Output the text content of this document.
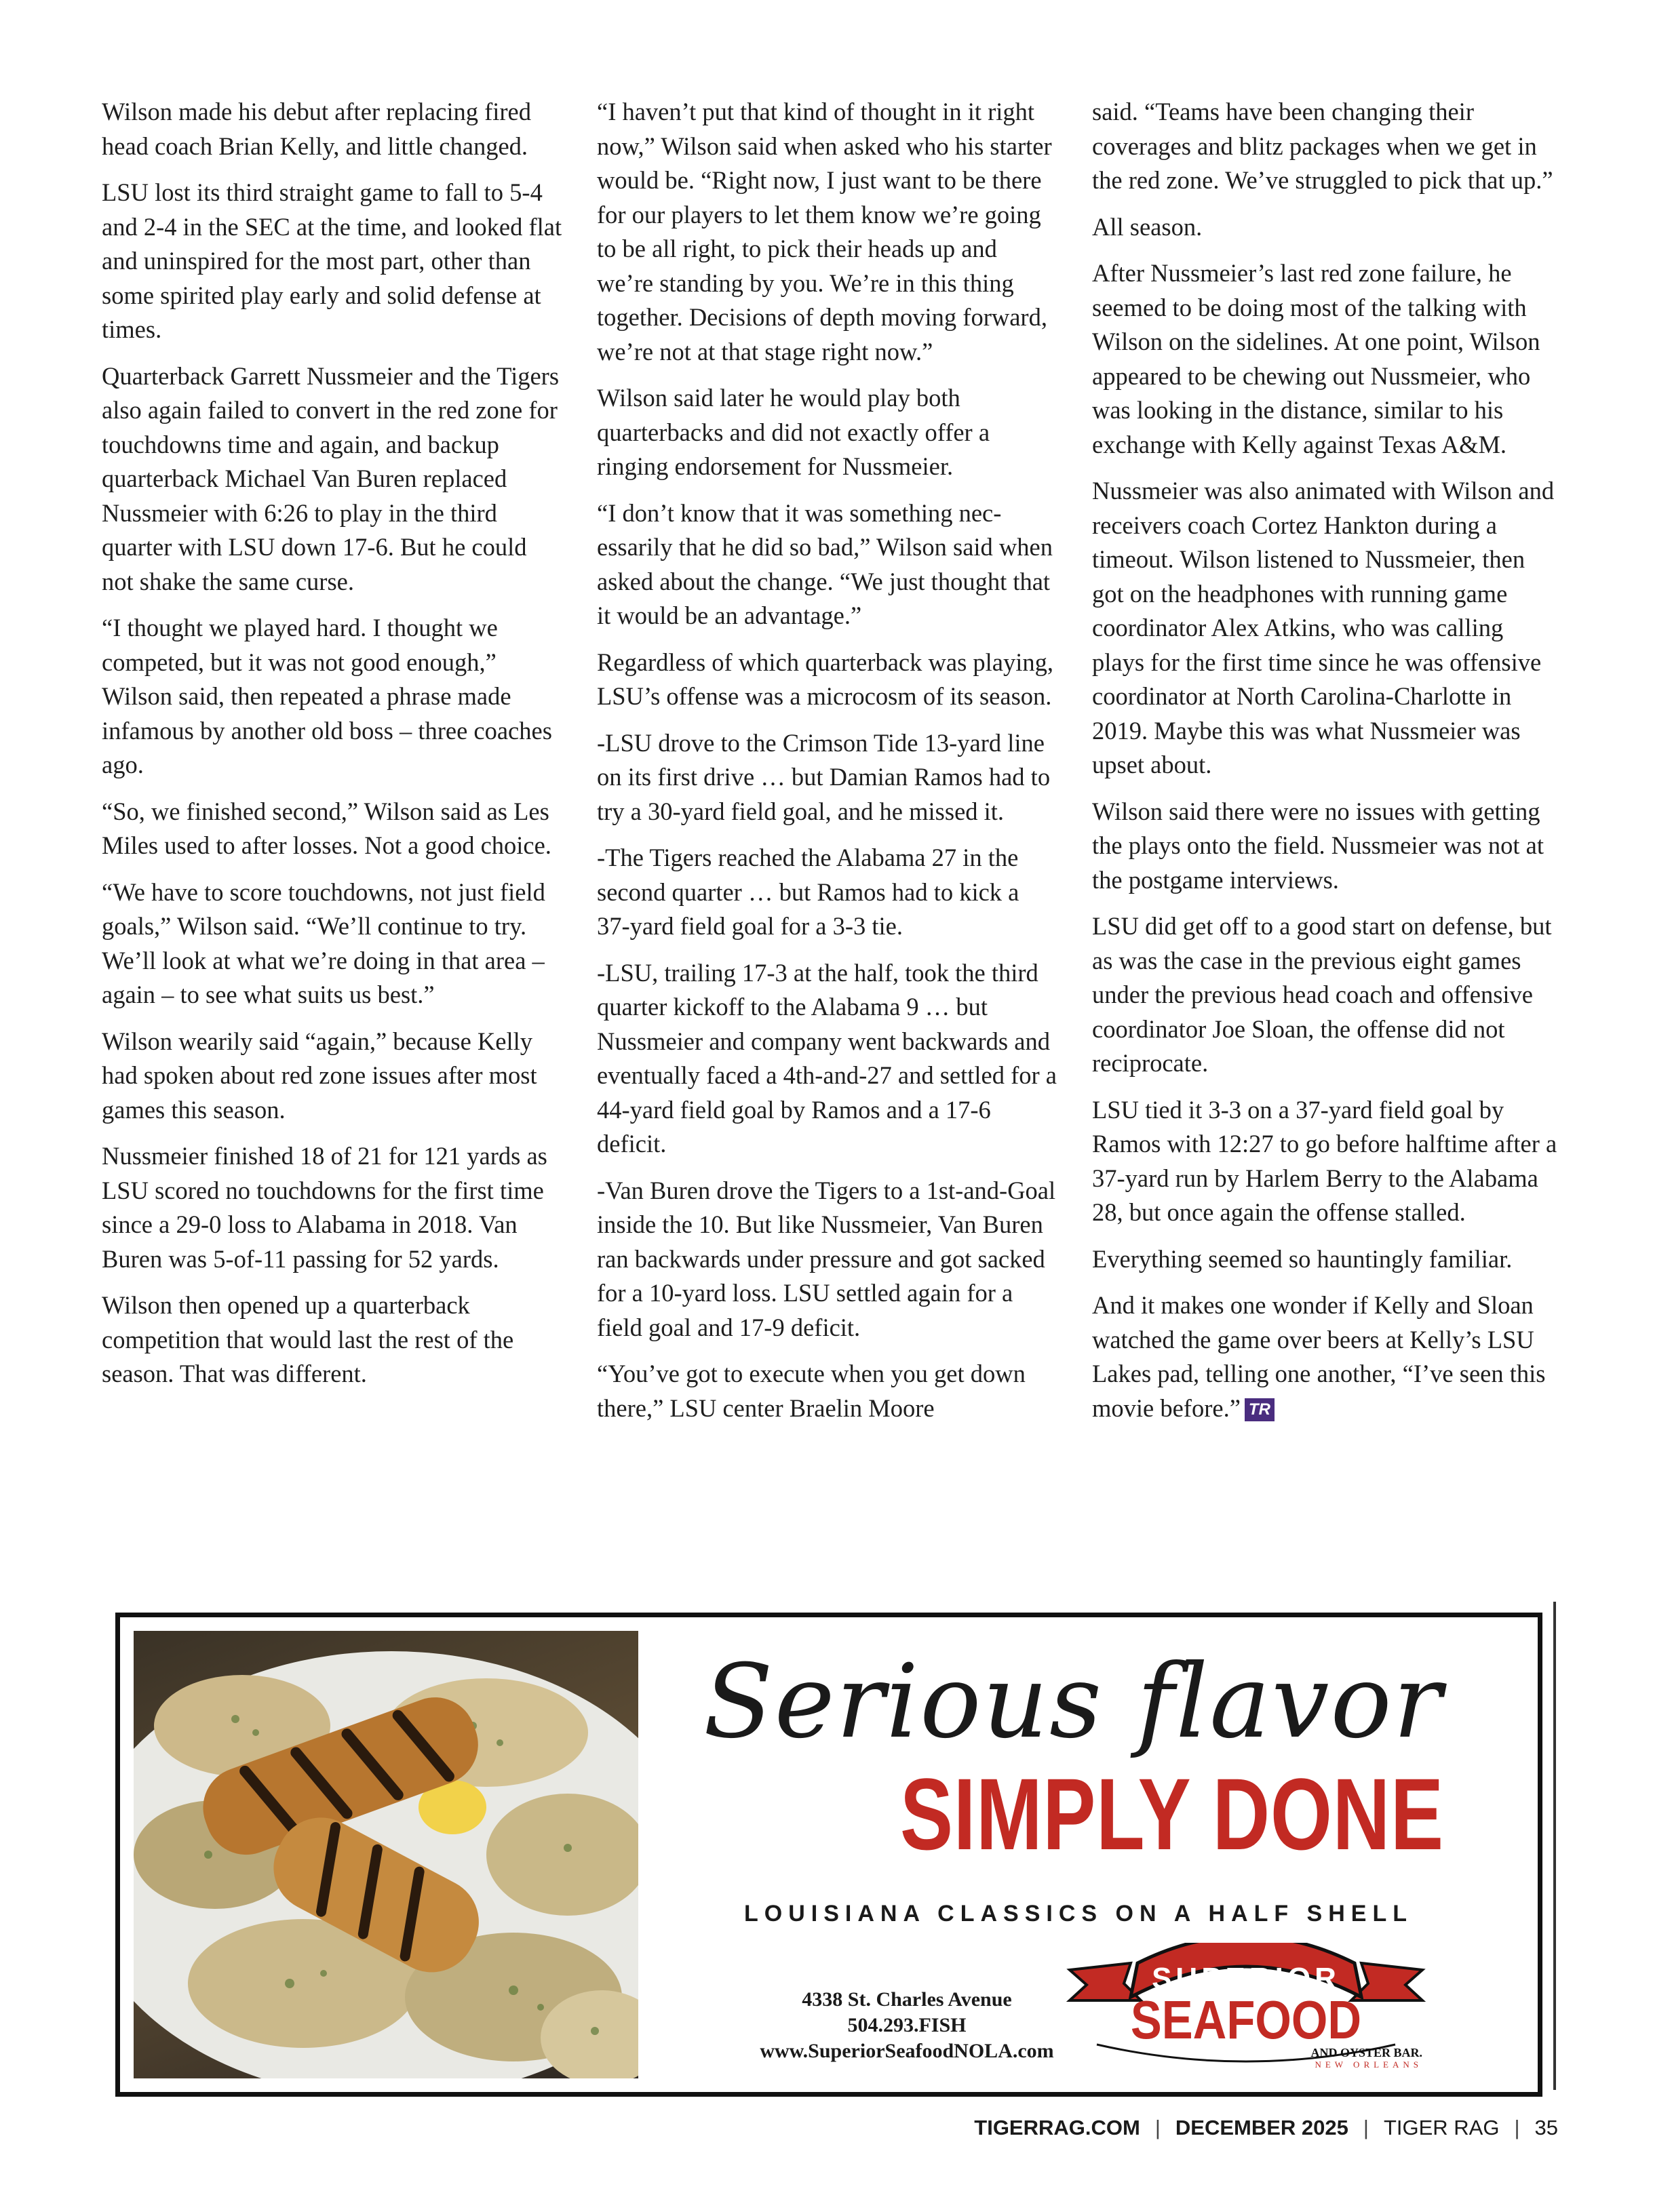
Wilson made his debut after replacing fired head coach Brian Kelly, and little changed.

LSU lost its third straight game to fall to 5-4 and 2-4 in the SEC at the time, and looked flat and uninspired for the most part, other than some spirited play early and solid defense at times.

Quarterback Garrett Nussmeier and the Tigers also again failed to convert in the red zone for touchdowns time and again, and backup quarterback Michael Van Buren replaced Nussmeier with 6:26 to play in the third quarter with LSU down 17-6. But he could not shake the same curse.

“I thought we played hard. I thought we competed, but it was not good enough,” Wilson said, then repeated a phrase made infamous by another old boss – three coaches ago.

“So, we finished second,” Wilson said as Les Miles used to after losses. Not a good choice.

“We have to score touchdowns, not just field goals,” Wilson said. “We’ll continue to try. We’ll look at what we’re doing in that area – again – to see what suits us best.”

Wilson wearily said “again,” because Kelly had spoken about red zone issues after most games this season.

Nussmeier finished 18 of 21 for 121 yards as LSU scored no touchdowns for the first time since a 29-0 loss to Alabama in 2018. Van Buren was 5-of-11 passing for 52 yards.

Wilson then opened up a quarterback competition that would last the rest of the season. That was different.

“I haven’t put that kind of thought in it right now,” Wilson said when asked who his starter would be. “Right now, I just want to be there for our players to let them know we’re going to be all right, to pick their heads up and we’re standing by you. We’re in this thing together. Decisions of depth moving forward, we’re not at that stage right now.”

Wilson said later he would play both quarterbacks and did not exactly offer a ringing endorsement for Nussmeier.

“I don’t know that it was something necessarily that he did so bad,” Wilson said when asked about the change. “We just thought that it would be an advantage.”

Regardless of which quarterback was playing, LSU’s offense was a microcosm of its season.

-LSU drove to the Crimson Tide 13-yard line on its first drive … but Damian Ramos had to try a 30-yard field goal, and he missed it.

-The Tigers reached the Alabama 27 in the second quarter … but Ramos had to kick a 37-yard field goal for a 3-3 tie.

-LSU, trailing 17-3 at the half, took the third quarter kickoff to the Alabama 9 … but Nussmeier and company went backwards and eventually faced a 4th-and-27 and settled for a 44-yard field goal by Ramos and a 17-6 deficit.

-Van Buren drove the Tigers to a 1st-and-Goal inside the 10. But like Nussmeier, Van Buren ran backwards under pressure and got sacked for a 10-yard loss. LSU settled again for a field goal and 17-9 deficit.

“You’ve got to execute when you get down there,” LSU center Braelin Moore

said. “Teams have been changing their coverages and blitz packages when we get in the red zone. We’ve struggled to pick that up.”

All season.

After Nussmeier’s last red zone failure, he seemed to be doing most of the talking with Wilson on the sidelines. At one point, Wilson appeared to be chewing out Nussmeier, who was looking in the distance, similar to his exchange with Kelly against Texas A&M.

Nussmeier was also animated with Wilson and receivers coach Cortez Hankton during a timeout. Wilson listened to Nussmeier, then got on the headphones with running game coordinator Alex Atkins, who was calling plays for the first time since he was offensive coordinator at North Carolina-Charlotte in 2019. Maybe this was what Nussmeier was upset about.

Wilson said there were no issues with getting the plays onto the field. Nussmeier was not at the postgame interviews.

LSU did get off to a good start on defense, but as was the case in the previous eight games under the previous head coach and offensive coordinator Joe Sloan, the offense did not reciprocate.

LSU tied it 3-3 on a 37-yard field goal by Ramos with 12:27 to go before halftime after a 37-yard run by Harlem Berry to the Alabama 28, but once again the offense stalled.

Everything seemed so hauntingly familiar.

And it makes one wonder if Kelly and Sloan watched the game over beers at Kelly’s LSU Lakes pad, telling one another, “I’ve seen this movie before.” TR

Serious flavor
SIMPLY DONE
LOUISIANA CLASSICS ON A HALF SHELL
4338 St. Charles Avenue
504.293.FISH
www.SuperiorSeafoodNOLA.com
SUPERIOR
SEAFOOD
AND OYSTER BAR.
NEW ORLEANS
TIGERRAG.COM | DECEMBER 2025 | TIGER RAG | 35
